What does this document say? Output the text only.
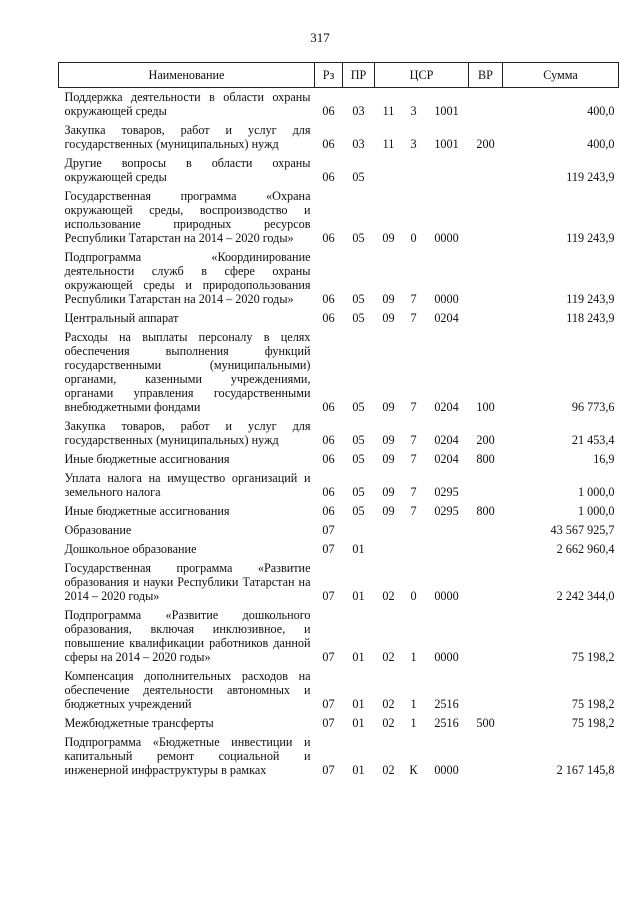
317
Наименование	Рз	ПР	ЦСР			ВР	Сумма
Поддержка деятельности в области охраны окружающей среды	06	03	11	3	1001		400,0
Закупка товаров, работ и услуг для государственных (муниципальных) нужд	06	03	11	3	1001	200	400,0
Другие вопросы в области охраны окружающей среды	06	05					119 243,9
Государственная программа «Охрана окружающей среды, воспроизводство и использование природных ресурсов Республики Татарстан на 2014 – 2020 годы»	06	05	09	0	0000		119 243,9
Подпрограмма «Координирование деятельности служб в сфере охраны окружающей среды и природопользования Республики Татарстан на 2014 – 2020 годы»	06	05	09	7	0000		119 243,9
Центральный аппарат	06	05	09	7	0204		118 243,9
Расходы на выплаты персоналу в целях обеспечения выполнения функций государственными (муниципальными) органами, казенными учреждениями, органами управления государственными внебюджетными фондами	06	05	09	7	0204	100	96 773,6
Закупка товаров, работ и услуг для государственных (муниципальных) нужд	06	05	09	7	0204	200	21 453,4
Иные бюджетные ассигнования	06	05	09	7	0204	800	16,9
Уплата налога на имущество организаций и земельного налога	06	05	09	7	0295		1 000,0
Иные бюджетные ассигнования	06	05	09	7	0295	800	1 000,0
Образование	07						43 567 925,7
Дошкольное образование	07	01					2 662 960,4
Государственная программа «Развитие образования и науки Республики Татарстан на 2014 – 2020 годы»	07	01	02	0	0000		2 242 344,0
Подпрограмма «Развитие дошкольного образования, включая инклюзивное, и повышение квалификации работников данной сферы на 2014 – 2020 годы»	07	01	02	1	0000		75 198,2
Компенсация дополнительных расходов на обеспечение деятельности автономных и бюджетных учреждений	07	01	02	1	2516		75 198,2
Межбюджетные трансферты	07	01	02	1	2516	500	75 198,2
Подпрограмма «Бюджетные инвестиции и капитальный ремонт социальной и инженерной инфраструктуры в рамках	07	01	02	К	0000		2 167 145,8
